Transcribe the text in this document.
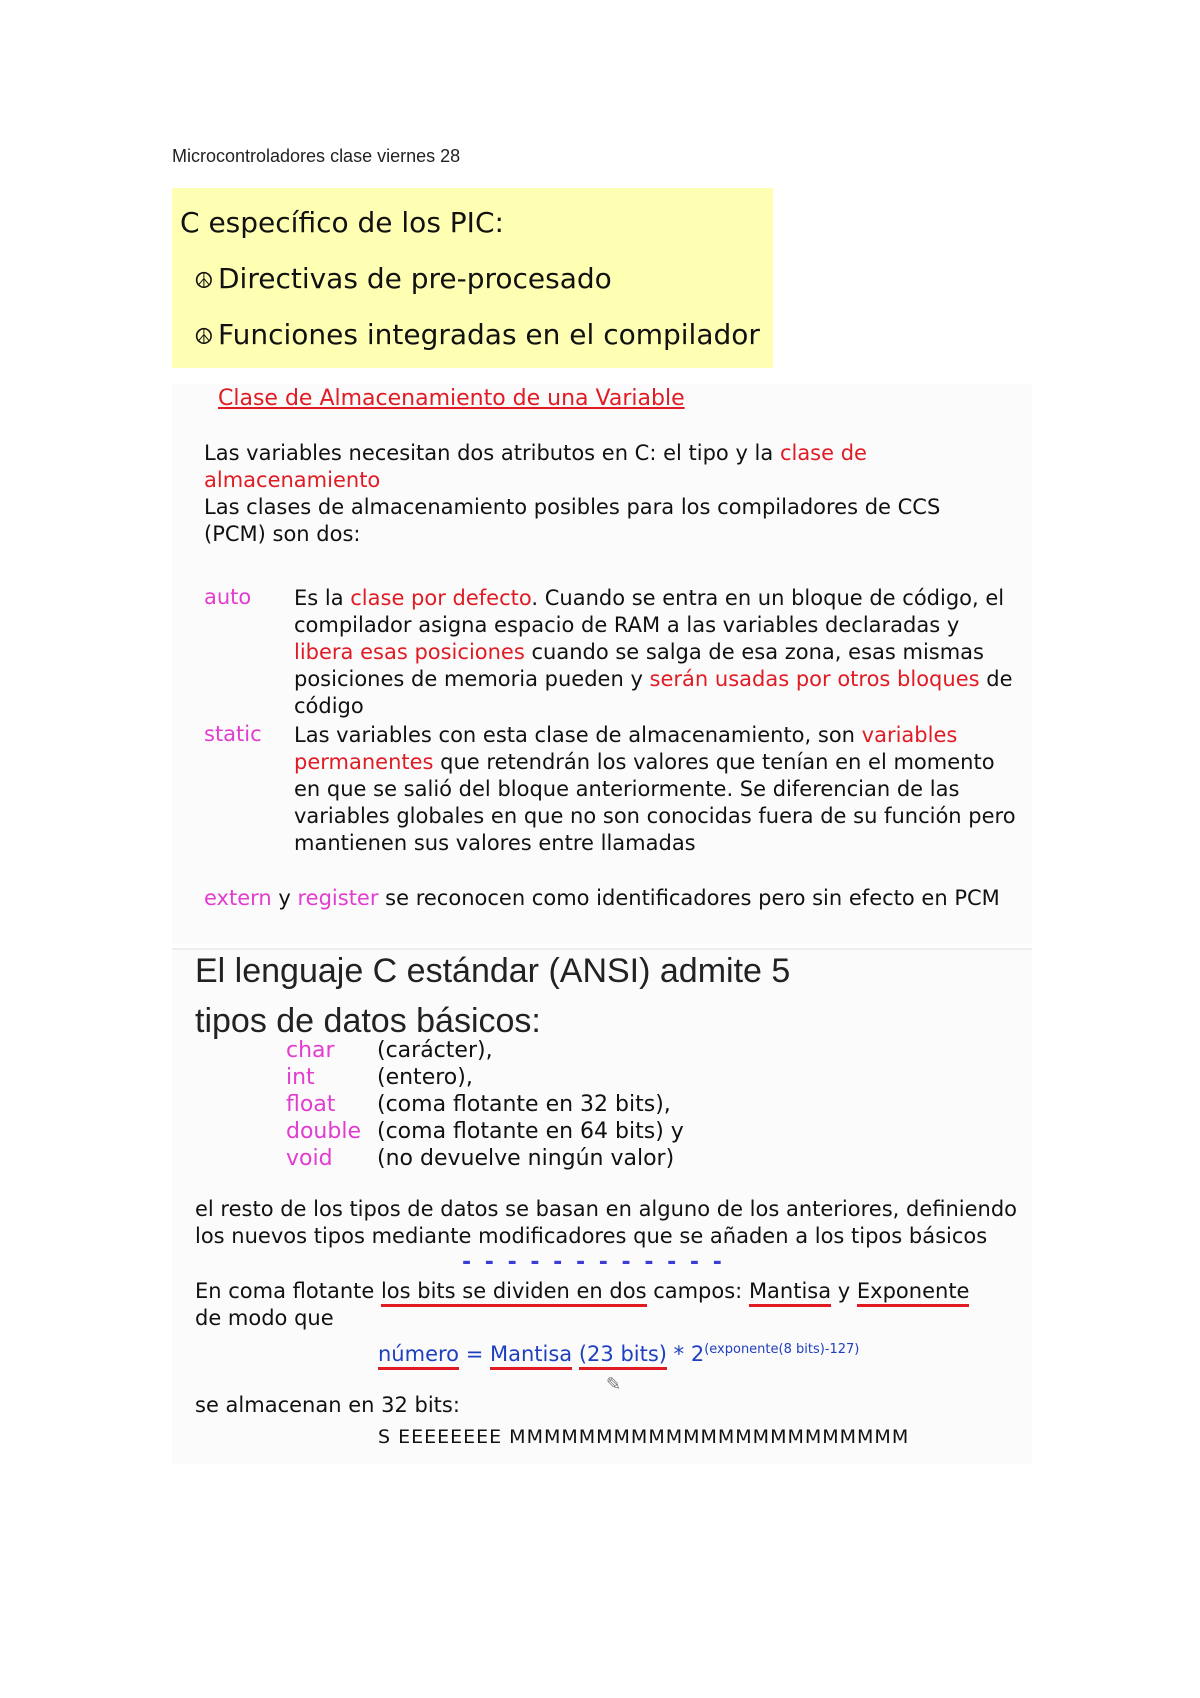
Microcontroladores clase viernes 28
C específico de los PIC:
☮ Directivas de pre-procesado
☮ Funciones integradas en el compilador
Clase de Almacenamiento de una Variable
Las variables necesitan dos atributos en C: el tipo y la clase de almacenamiento
Las clases de almacenamiento posibles para los compiladores de CCS (PCM) son dos:
auto Es la clase por defecto. Cuando se entra en un bloque de código, el compilador asigna espacio de RAM a las variables declaradas y libera esas posiciones cuando se salga de esa zona, esas mismas posiciones de memoria pueden y serán usadas por otros bloques de código
static Las variables con esta clase de almacenamiento, son variables permanentes que retendrán los valores que tenían en el momento en que se salió del bloque anteriormente. Se diferencian de las variables globales en que no son conocidas fuera de su función pero mantienen sus valores entre llamadas
extern y register se reconocen como identificadores pero sin efecto en PCM
El lenguaje C estándar (ANSI) admite 5
tipos de datos básicos:
char (carácter),
int	(entero),
float (coma flotante en 32 bits),
double (coma flotante en 64 bits) y
void (no devuelve ningún valor)
el resto de los tipos de datos se basan en alguno de los anteriores, definiendo los nuevos tipos mediante modificadores que se añaden a los tipos básicos
- - - - - - - - - - - -
En coma flotante los bits se dividen en dos campos: Mantisa y Exponente
de modo que
número = Mantisa (23 bits) * $2^{(exponente(8 bits)-127)}$
✎
se almacenan en 32 bits:
S EEEEEEEE MMMMMMMMMMMMMMMMMMMMMMM
